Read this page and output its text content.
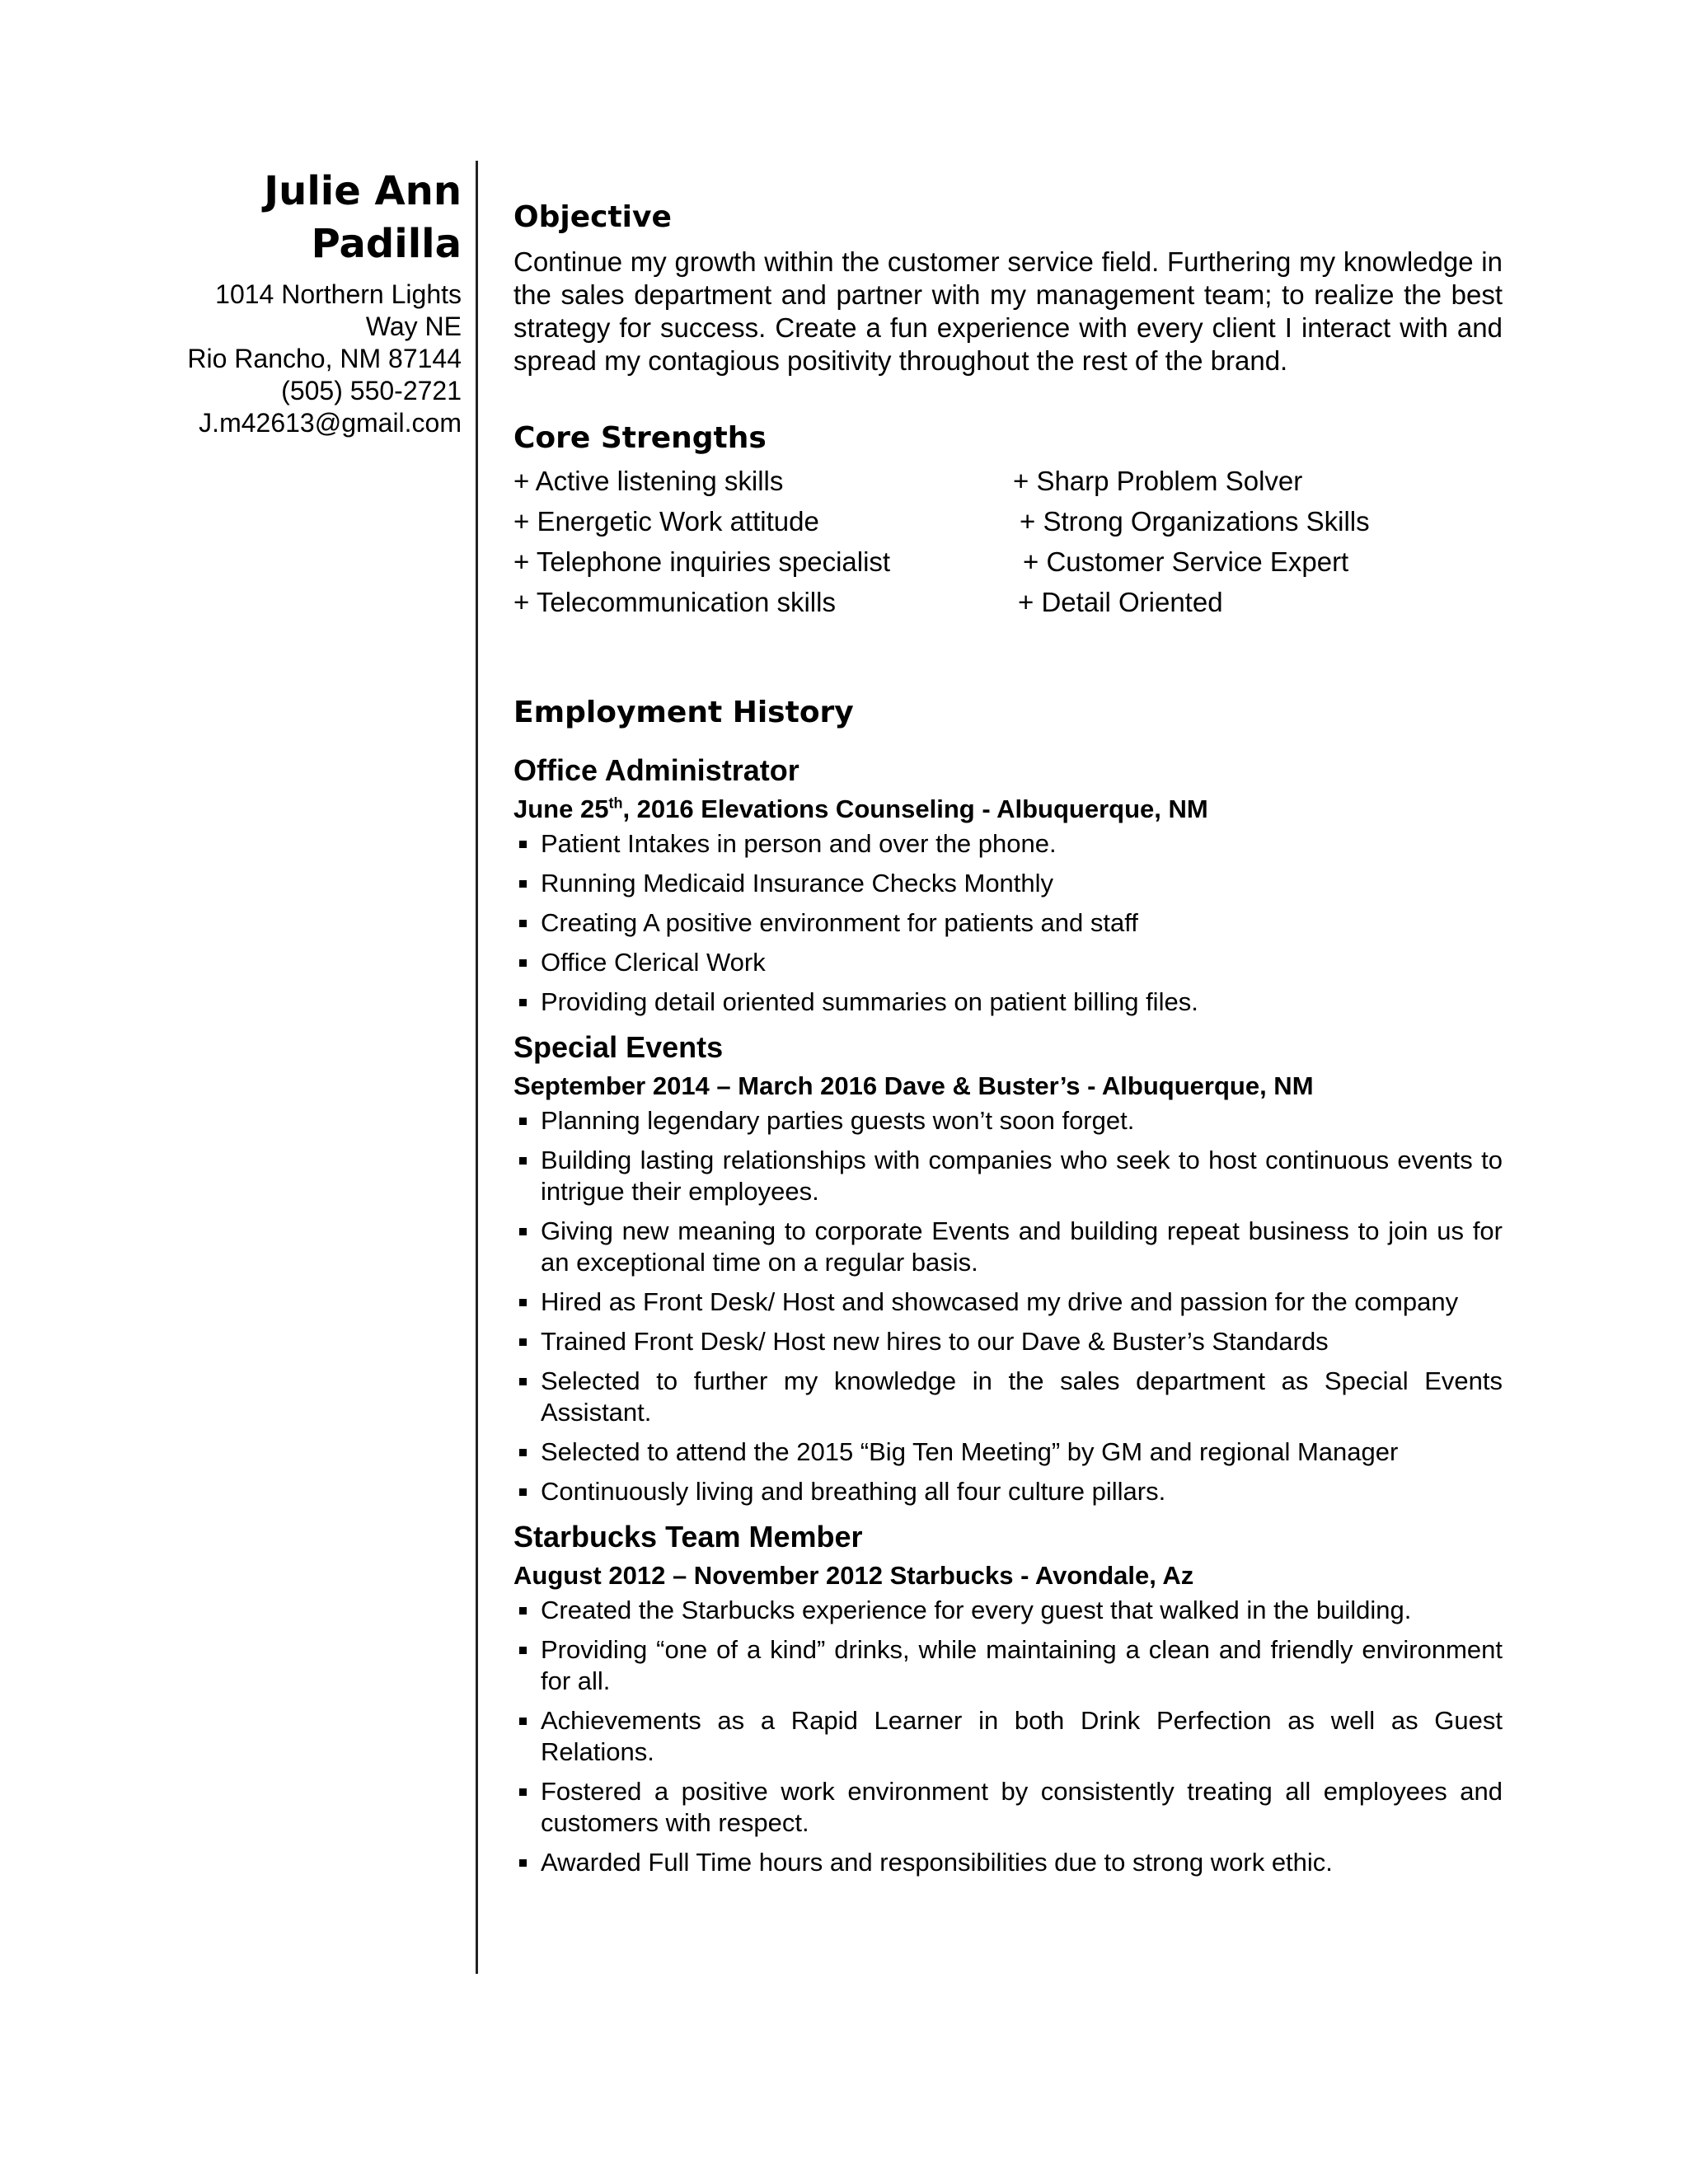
Julie Ann
Padilla
1014 Northern Lights
Way NE
Rio Rancho, NM 87144
(505) 550-2721
J.m42613@gmail.com
Objective

Continue my growth within the customer service field. Furthering my knowledge in the sales department and partner with my management team; to realize the best strategy for success. Create a fun experience with every client I interact with and spread my contagious positivity throughout the rest of the brand.

Core Strengths
+ Active listening skills	+ Sharp Problem Solver
+ Energetic Work attitude	+ Strong Organizations Skills
+ Telephone inquiries specialist	+ Customer Service Expert
+ Telecommunication skills	+ Detail Oriented
Employment History
Office Administrator
June 25th, 2016 Elevations Counseling - Albuquerque, NM
Patient Intakes in person and over the phone.
Running Medicaid Insurance Checks Monthly
Creating A positive environment for patients and staff
Office Clerical Work
Providing detail oriented summaries on patient billing files.
Special Events
September 2014 – March 2016 Dave & Buster’s - Albuquerque, NM
Planning legendary parties guests won’t soon forget.
Building lasting relationships with companies who seek to host continuous events to intrigue their employees.
Giving new meaning to corporate Events and building repeat business to join us for an exceptional time on a regular basis.
Hired as Front Desk/ Host and showcased my drive and passion for the company
Trained Front Desk/ Host new hires to our Dave & Buster’s Standards
Selected to further my knowledge in the sales department as Special Events Assistant.
Selected to attend the 2015 “Big Ten Meeting” by GM and regional Manager
Continuously living and breathing all four culture pillars.
Starbucks Team Member
August 2012 – November 2012 Starbucks - Avondale, Az
Created the Starbucks experience for every guest that walked in the building.
Providing “one of a kind” drinks, while maintaining a clean and friendly environment for all.
Achievements as a Rapid Learner in both Drink Perfection as well as Guest Relations.
Fostered a positive work environment by consistently treating all employees and customers with respect.
Awarded Full Time hours and responsibilities due to strong work ethic.
